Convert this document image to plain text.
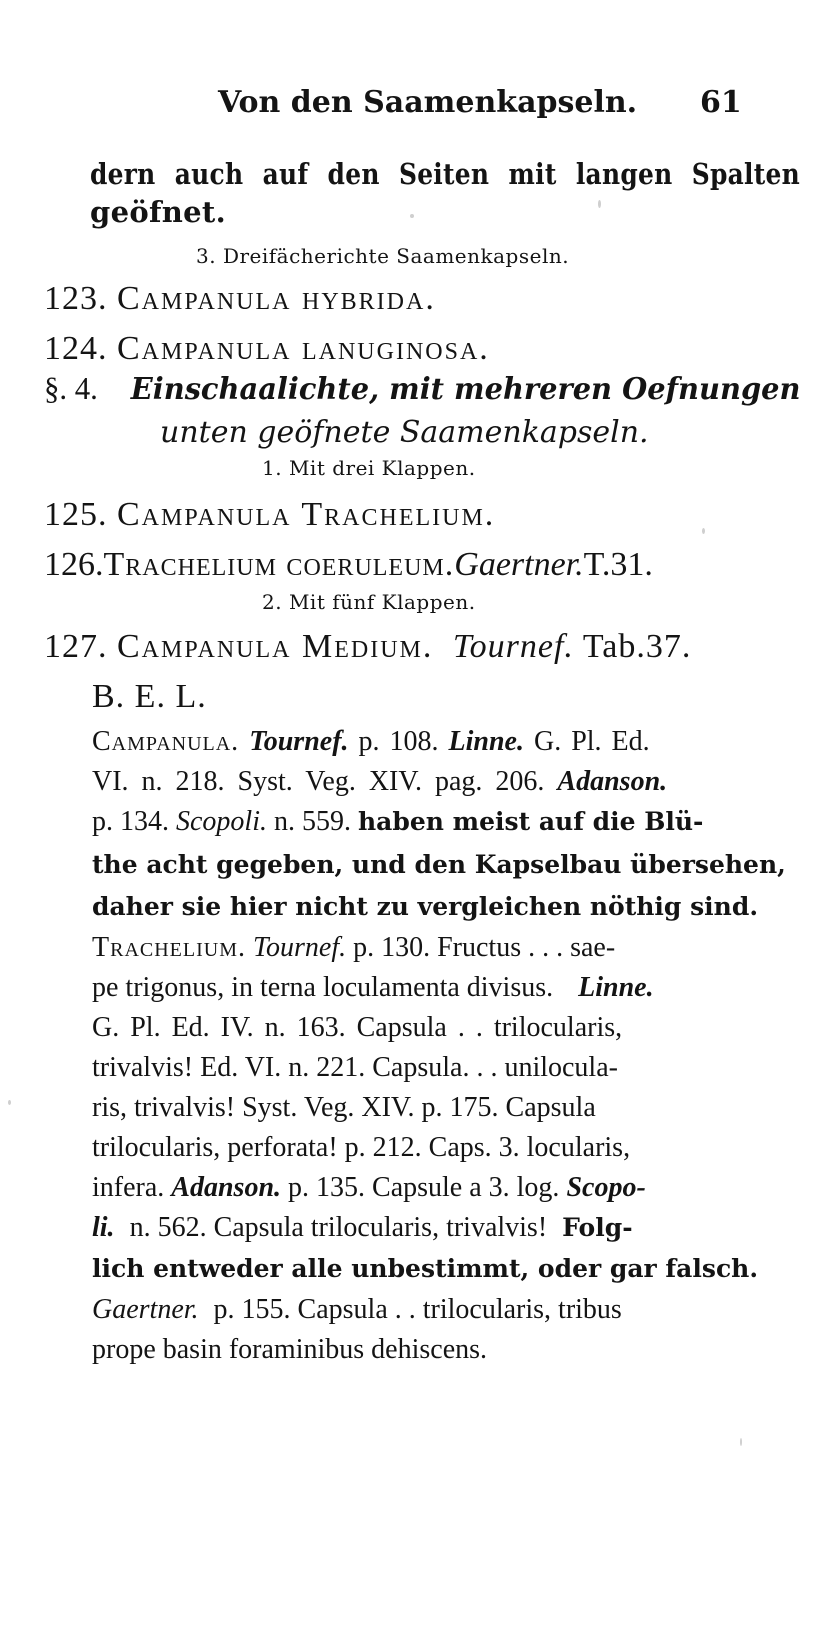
Von den Saamenkapseln. 61
dern auch auf den Seiten mit langen Spalten
geöfnet.
3. Dreifächerichte Saamenkapseln.
123. Campanula hybrida.
124. Campanula lanuginosa.
§. 4. Einschaalichte, mit mehreren Oefnungen
unten geöfnete Saamenkapseln.
1. Mit drei Klappen.
125. Campanula Trachelium.
126.Trachelium coeruleum.Gaertner.T.31.
2. Mit fünf Klappen.
127. Campanula Medium. Tournef. Tab.37.
B. E. L.
Campanula. Tournef. p. 108. Linne. G. Pl. Ed.
VI. n. 218. Syst. Veg. XIV. pag. 206. Adanson.
p. 134. Scopoli. n. 559. haben meist auf die Blü-
the acht gegeben, und den Kapselbau übersehen,
daher sie hier nicht zu vergleichen nöthig sind.
Trachelium. Tournef. p. 130. Fructus . . . sae-
pe trigonus, in terna loculamenta divisus. Linne.
G. Pl. Ed. IV. n. 163. Capsula . . trilocularis,
trivalvis! Ed. VI. n. 221. Capsula. . . unilocula-
ris, trivalvis! Syst. Veg. XIV. p. 175. Capsula
trilocularis, perforata! p. 212. Caps. 3. locularis,
infera. Adanson. p. 135. Capsule a 3. log. Scopo-
li. n. 562. Capsula trilocularis, trivalvis! Folg-
lich entweder alle unbestimmt, oder gar falsch.
Gaertner. p. 155. Capsula . . trilocularis, tribus
prope basin foraminibus dehiscens.
